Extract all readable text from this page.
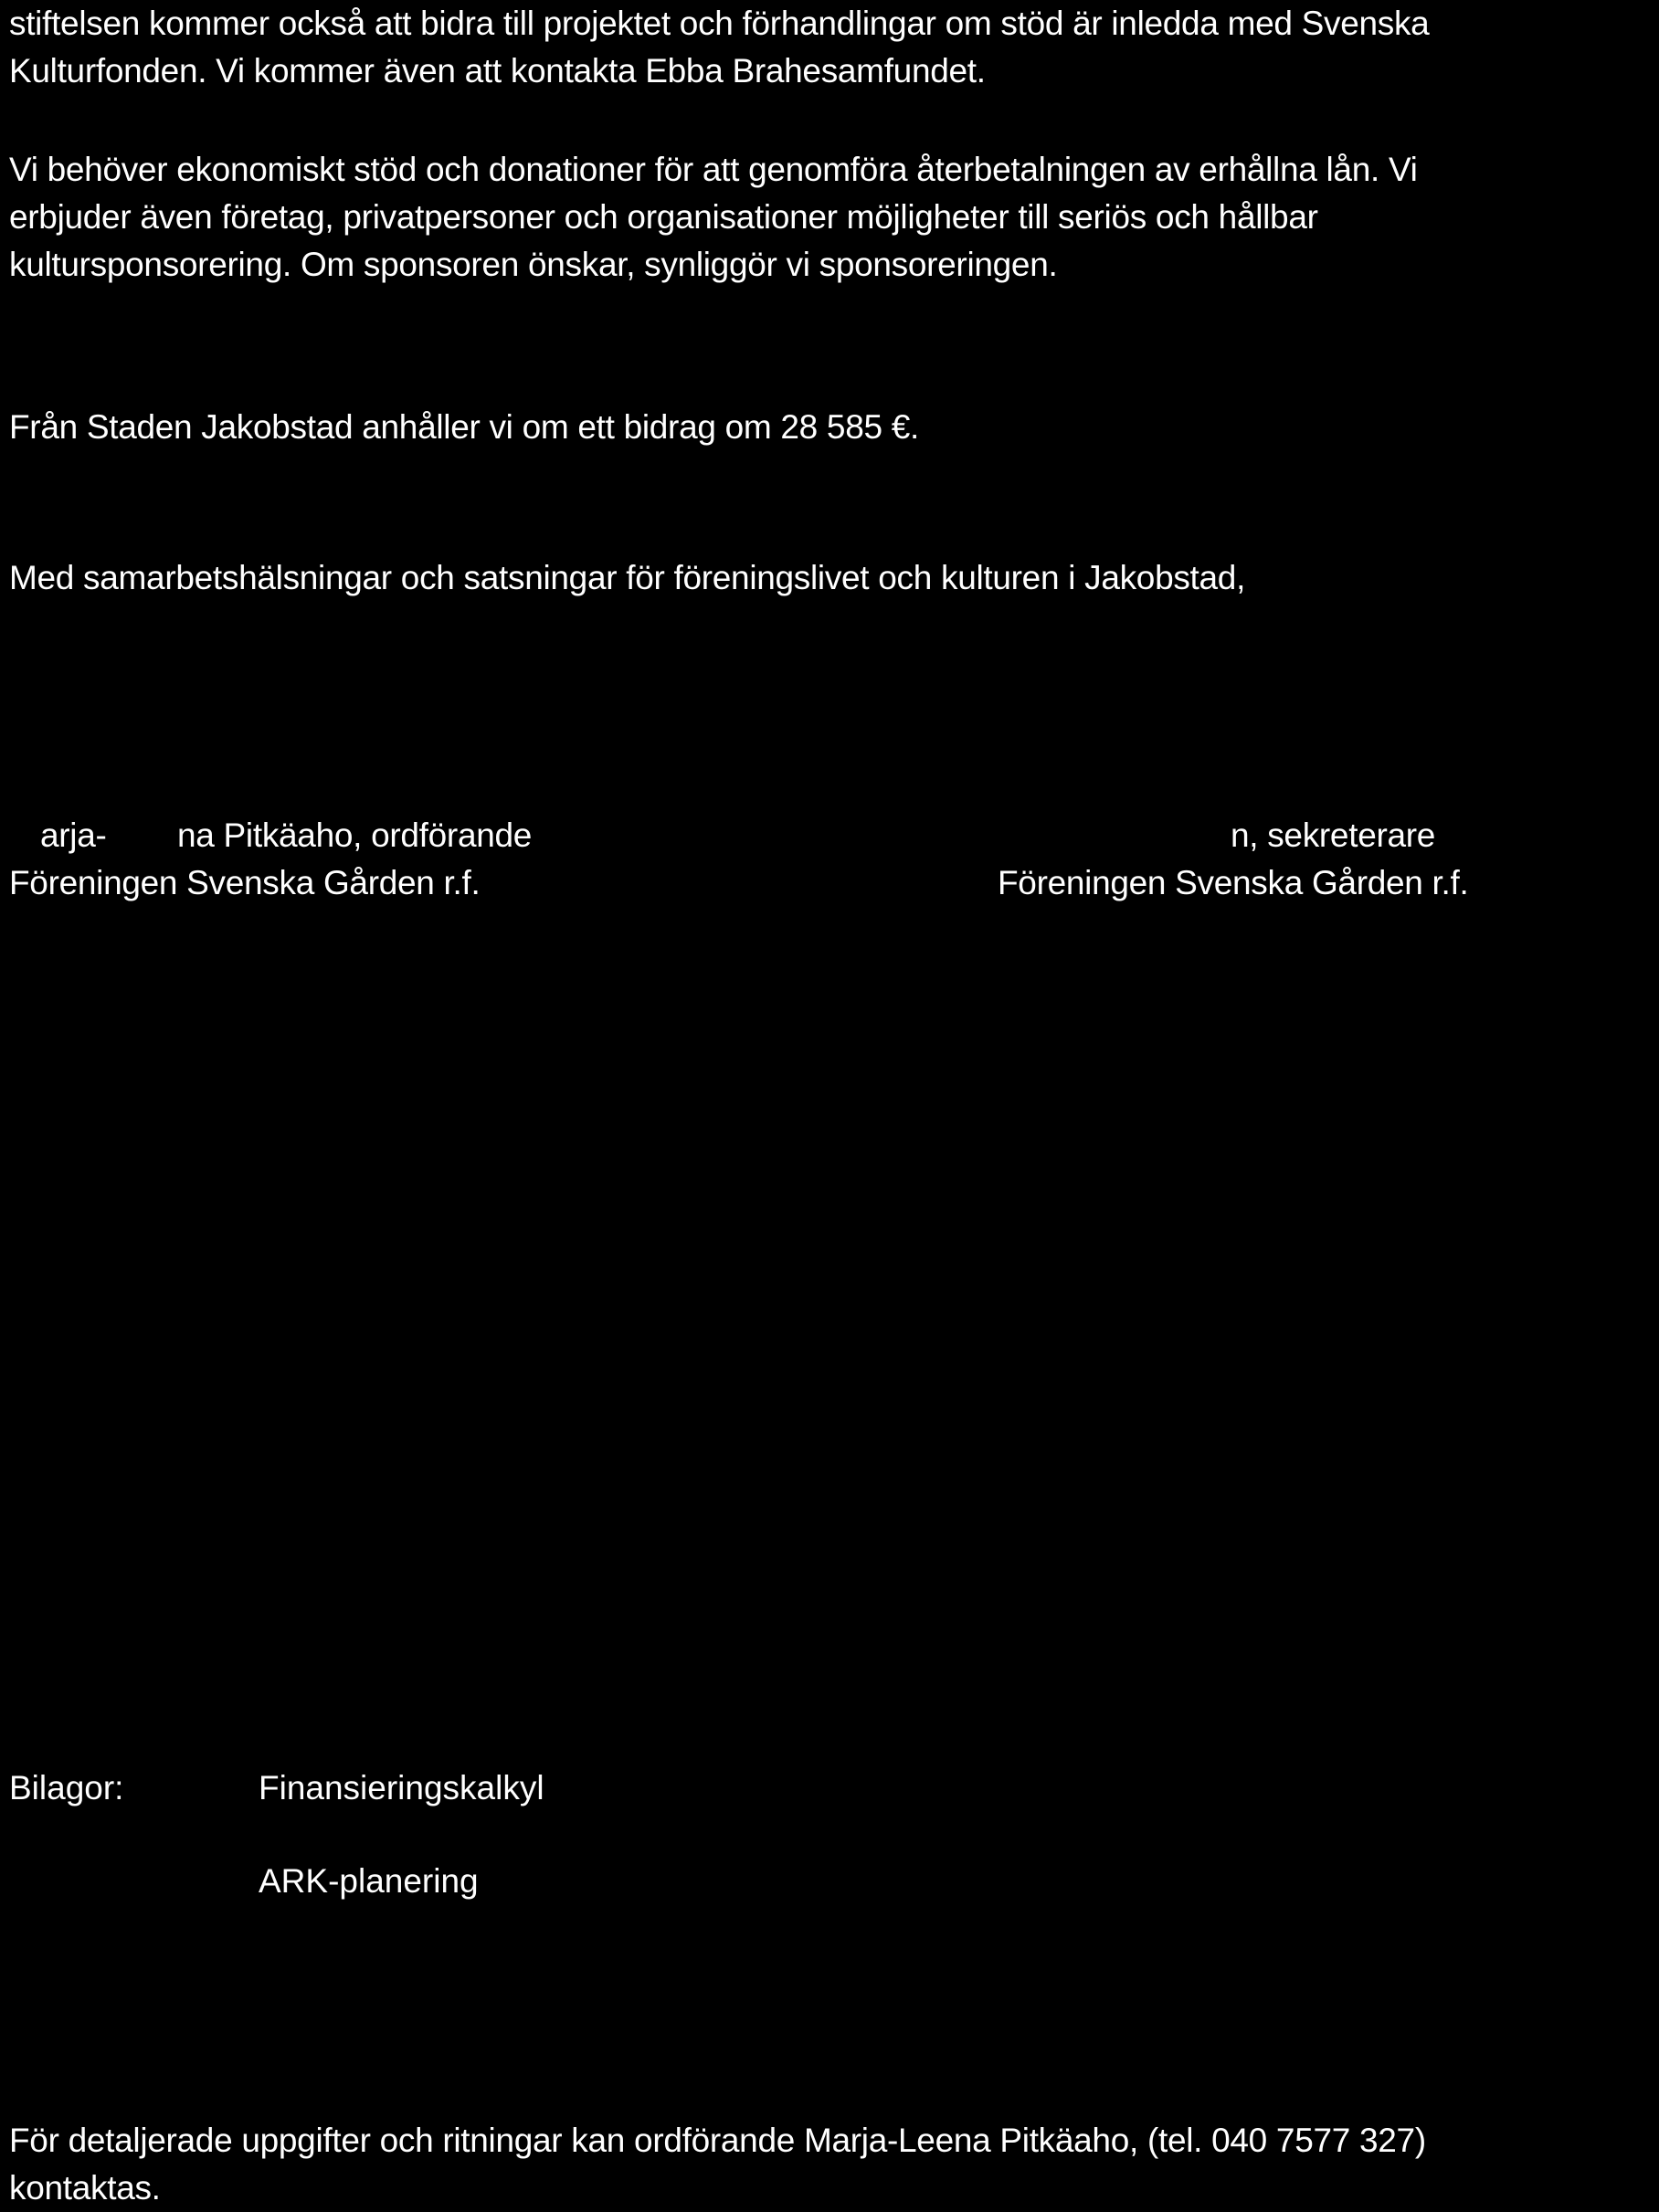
stiftelsen kommer också att bidra till projektet och förhandlingar om stöd är inledda med Svenska
Kulturfonden. Vi kommer även att kontakta Ebba Brahesamfundet.
Vi behöver ekonomiskt stöd och donationer för att genomföra återbetalningen av erhållna lån. Vi
erbjuder även företag, privatpersoner och organisationer möjligheter till seriös och hållbar
kultursponsorering. Om sponsoren önskar, synliggör vi sponsoreringen.
Från Staden Jakobstad anhåller vi om ett bidrag om 28 585 €.
Med samarbetshälsningar och satsningar för föreningslivet och kulturen i Jakobstad,
arja- na Pitkäaho, ordförande
Föreningen Svenska Gården r.f.
n, sekreterare
Föreningen Svenska Gården r.f.
Bilagor:	Finansieringskalkyl
ARK-planering
För detaljerade uppgifter och ritningar kan ordförande Marja-Leena Pitkäaho, (tel. 040 7577 327)
kontaktas.
